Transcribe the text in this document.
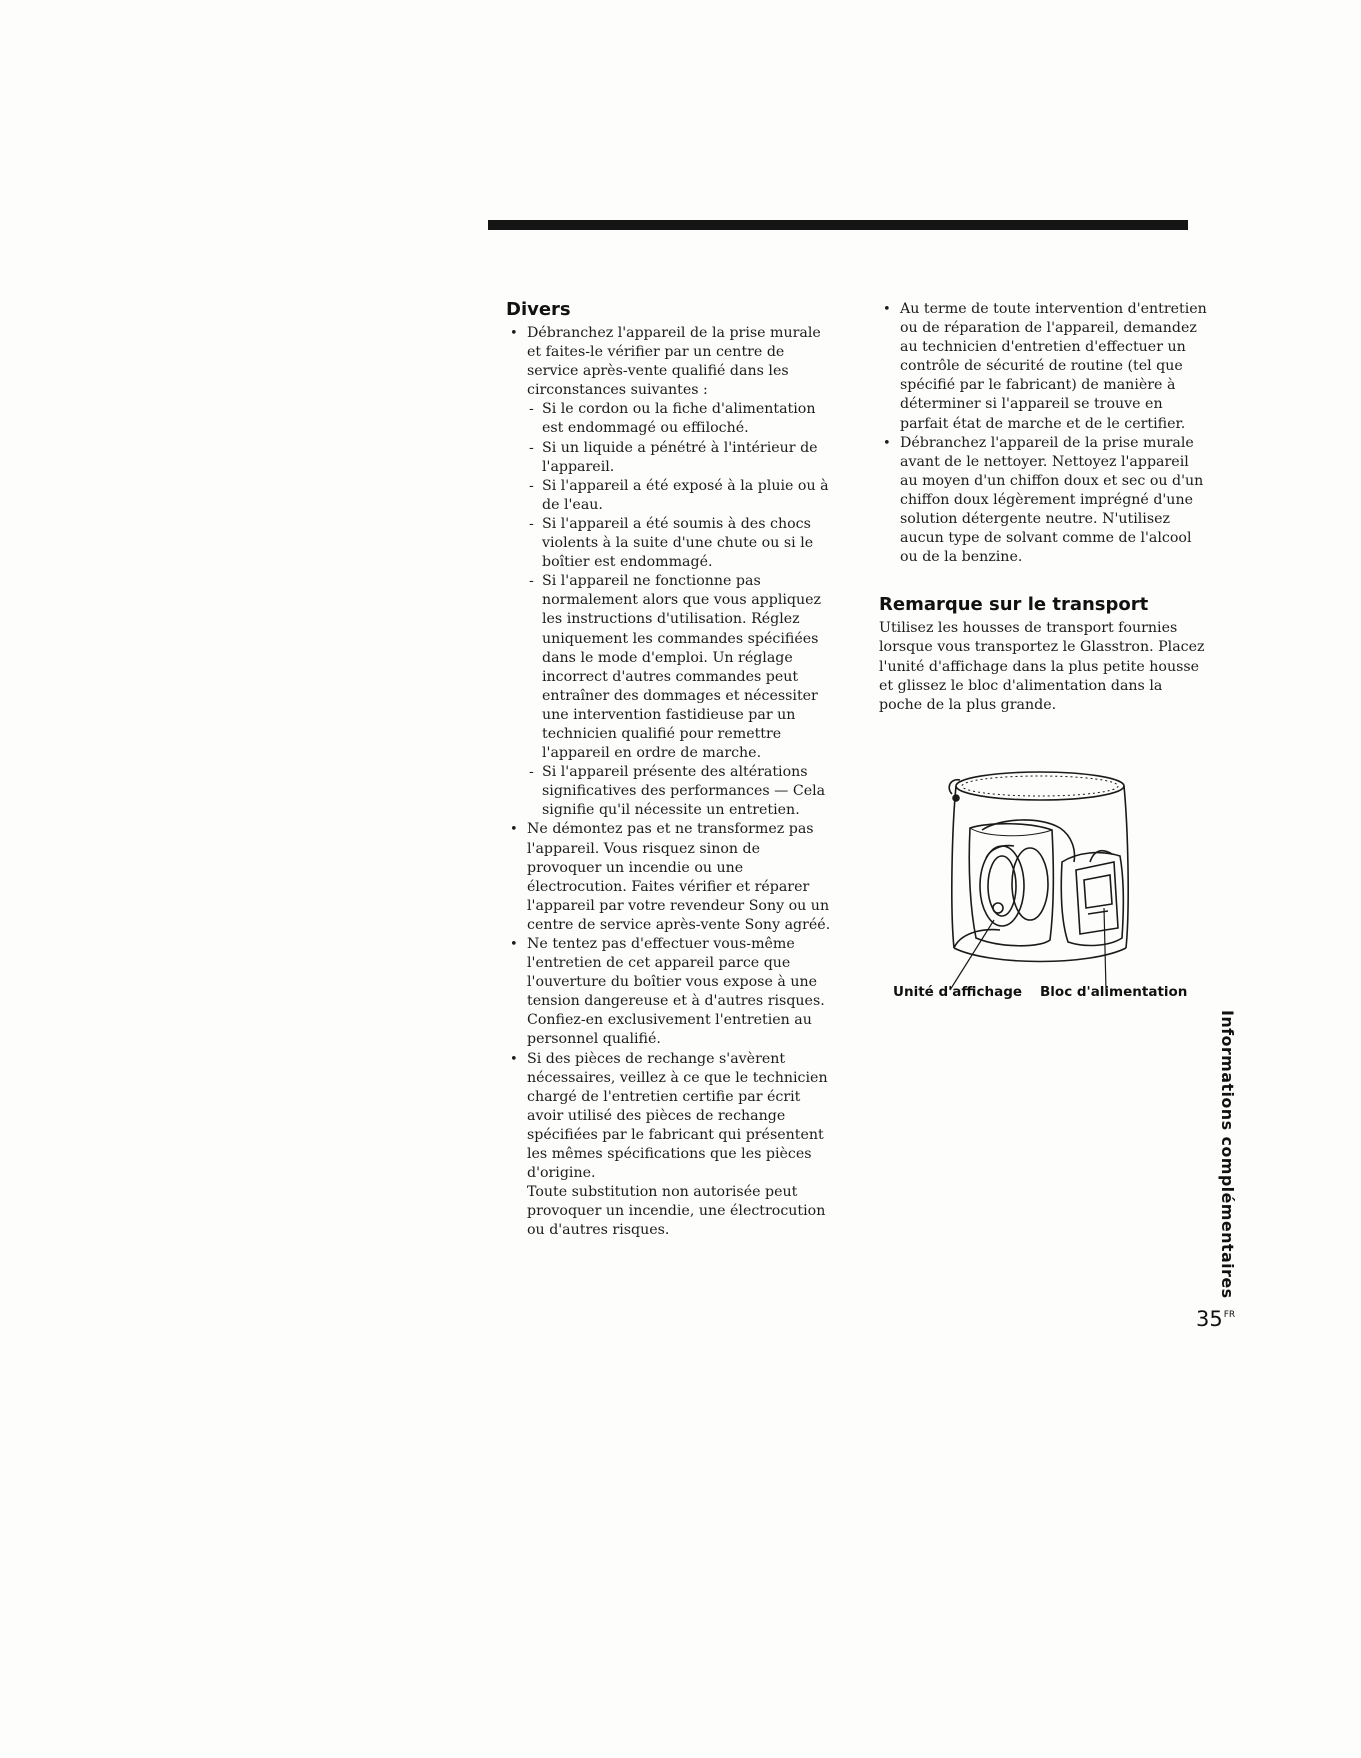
Divers
• Débranchez l'appareil de la prise murale et faites-le vérifier par un centre de service après-vente qualifié dans les circonstances suivantes :
- Si le cordon ou la fiche d'alimentation est endommagé ou effiloché.
- Si un liquide a pénétré à l'intérieur de l'appareil.
- Si l'appareil a été exposé à la pluie ou à de l'eau.
- Si l'appareil a été soumis à des chocs violents à la suite d'une chute ou si le boîtier est endommagé.
- Si l'appareil ne fonctionne pas normalement alors que vous appliquez les instructions d'utilisation. Réglez uniquement les commandes spécifiées dans le mode d'emploi. Un réglage incorrect d'autres commandes peut entraîner des dommages et nécessiter une intervention fastidieuse par un technicien qualifié pour remettre l'appareil en ordre de marche.
- Si l'appareil présente des altérations significatives des performances — Cela signifie qu'il nécessite un entretien.
• Ne démontez pas et ne transformez pas l'appareil. Vous risquez sinon de provoquer un incendie ou une électrocution. Faites vérifier et réparer l'appareil par votre revendeur Sony ou un centre de service après-vente Sony agréé.
• Ne tentez pas d'effectuer vous-même l'entretien de cet appareil parce que l'ouverture du boîtier vous expose à une tension dangereuse et à d'autres risques. Confiez-en exclusivement l'entretien au personnel qualifié.
• Si des pièces de rechange s'avèrent nécessaires, veillez à ce que le technicien chargé de l'entretien certifie par écrit avoir utilisé des pièces de rechange spécifiées par le fabricant qui présentent les mêmes spécifications que les pièces d'origine.

Toute substitution non autorisée peut provoquer un incendie, une électrocution ou d'autres risques.

• Au terme de toute intervention d'entretien ou de réparation de l'appareil, demandez au technicien d'entretien d'effectuer un contrôle de sécurité de routine (tel que spécifié par le fabricant) de manière à déterminer si l'appareil se trouve en parfait état de marche et de le certifier.
• Débranchez l'appareil de la prise murale avant de le nettoyer. Nettoyez l'appareil au moyen d'un chiffon doux et sec ou d'un chiffon doux légèrement imprégné d'une solution détergente neutre. N'utilisez aucun type de solvant comme de l'alcool ou de la benzine.
Remarque sur le transport

Utilisez les housses de transport fournies lorsque vous transportez le Glasstron. Placez l'unité d'affichage dans la plus petite housse et glissez le bloc d'alimentation dans la poche de la plus grande.

Unité d'affichage Bloc d'alimentation
Informations complémentaires
$35^{FR}$
